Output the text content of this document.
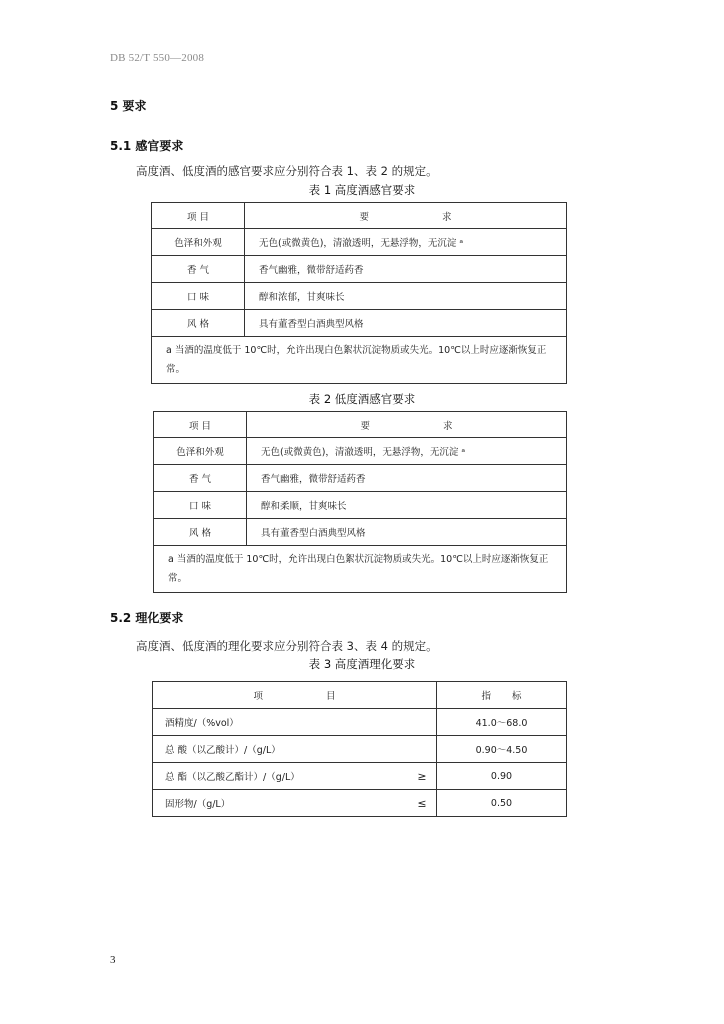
DB 52/T 550—2008
5 要求
5.1 感官要求
高度酒、低度酒的感官要求应分别符合表 1、表 2 的规定。
表 1 高度酒感官要求
项 目	要 求
色泽和外观	无色(或微黄色)，清澈透明，无悬浮物，无沉淀 ᵃ
香 气	香气幽雅，微带舒适药香
口 味	醇和浓郁，甘爽味长
风 格	具有董香型白酒典型风格
a 当酒的温度低于 10℃时，允许出现白色絮状沉淀物质或失光。10℃以上时应逐渐恢复正常。	
表 2 低度酒感官要求
项 目	要 求
色泽和外观	无色(或微黄色)，清澈透明，无悬浮物，无沉淀 ᵃ
香 气	香气幽雅，微带舒适药香
口 味	醇和柔顺，甘爽味长
风 格	具有董香型白酒典型风格
a 当酒的温度低于 10℃时，允许出现白色絮状沉淀物质或失光。10℃以上时应逐渐恢复正常。	
5.2 理化要求
高度酒、低度酒的理化要求应分别符合表 3、表 4 的规定。
表 3 高度酒理化要求
项 目		指 标
酒精度/（%vol）		41.0～68.0
总 酸（以乙酸计）/（g/L）		0.90～4.50
总 酯（以乙酸乙酯计）/（g/L）	≥	0.90
固形物/（g/L）	≤	0.50
3
